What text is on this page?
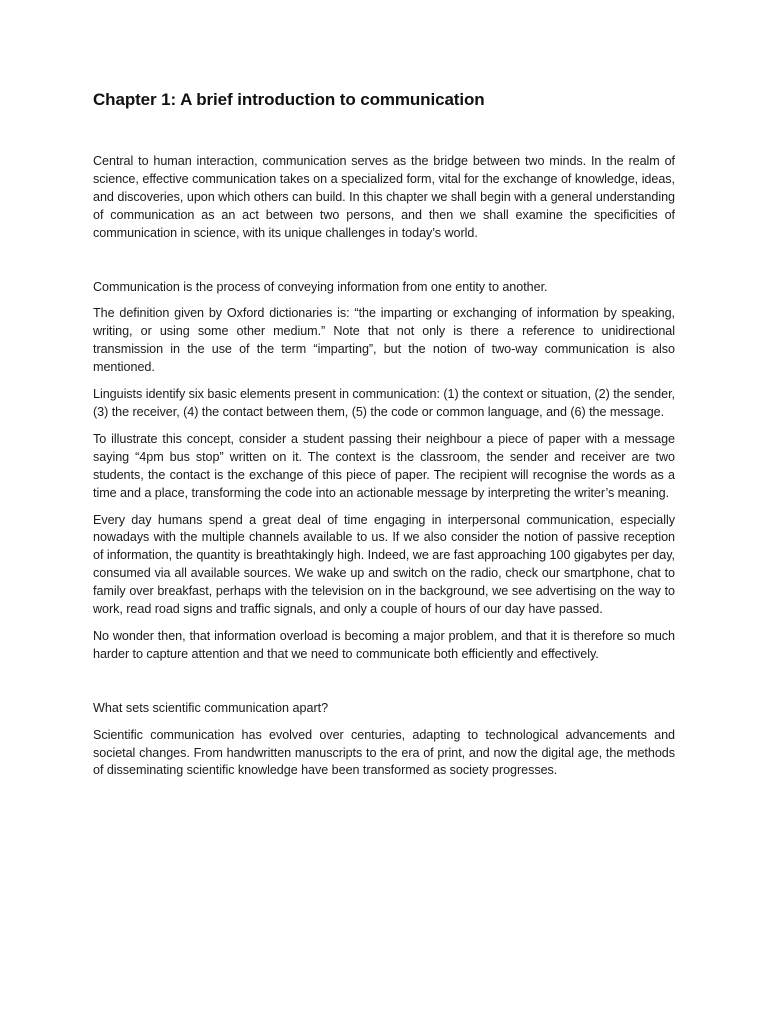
Chapter 1: A brief introduction to communication

Central to human interaction, communication serves as the bridge between two minds. In the realm of science, effective communication takes on a specialized form, vital for the exchange of knowledge, ideas, and discoveries, upon which others can build. In this chapter we shall begin with a general understanding of communication as an act between two persons, and then we shall examine the specificities of communication in science, with its unique challenges in today’s world.

Communication is the process of conveying information from one entity to another.

The definition given by Oxford dictionaries is: “the imparting or exchanging of information by speaking, writing, or using some other medium.” Note that not only is there a reference to unidirectional transmission in the use of the term “imparting”, but the notion of two-way communication is also mentioned.

Linguists identify six basic elements present in communication: (1) the context or situation, (2) the sender, (3) the receiver, (4) the contact between them, (5) the code or common language, and (6) the message.

To illustrate this concept, consider a student passing their neighbour a piece of paper with a message saying “4pm bus stop” written on it. The context is the classroom, the sender and receiver are two students, the contact is the exchange of this piece of paper. The recipient will recognise the words as a time and a place, transforming the code into an actionable message by interpreting the writer’s meaning.

Every day humans spend a great deal of time engaging in interpersonal communication, especially nowadays with the multiple channels available to us. If we also consider the notion of passive reception of information, the quantity is breathtakingly high. Indeed, we are fast approaching 100 gigabytes per day, consumed via all available sources. We wake up and switch on the radio, check our smartphone, chat to family over breakfast, perhaps with the television on in the background, we see advertising on the way to work, read road signs and traffic signals, and only a couple of hours of our day have passed.

No wonder then, that information overload is becoming a major problem, and that it is therefore so much harder to capture attention and that we need to communicate both efficiently and effectively.

What sets scientific communication apart?

Scientific communication has evolved over centuries, adapting to technological advancements and societal changes. From handwritten manuscripts to the era of print, and now the digital age, the methods of disseminating scientific knowledge have been transformed as society progresses.
